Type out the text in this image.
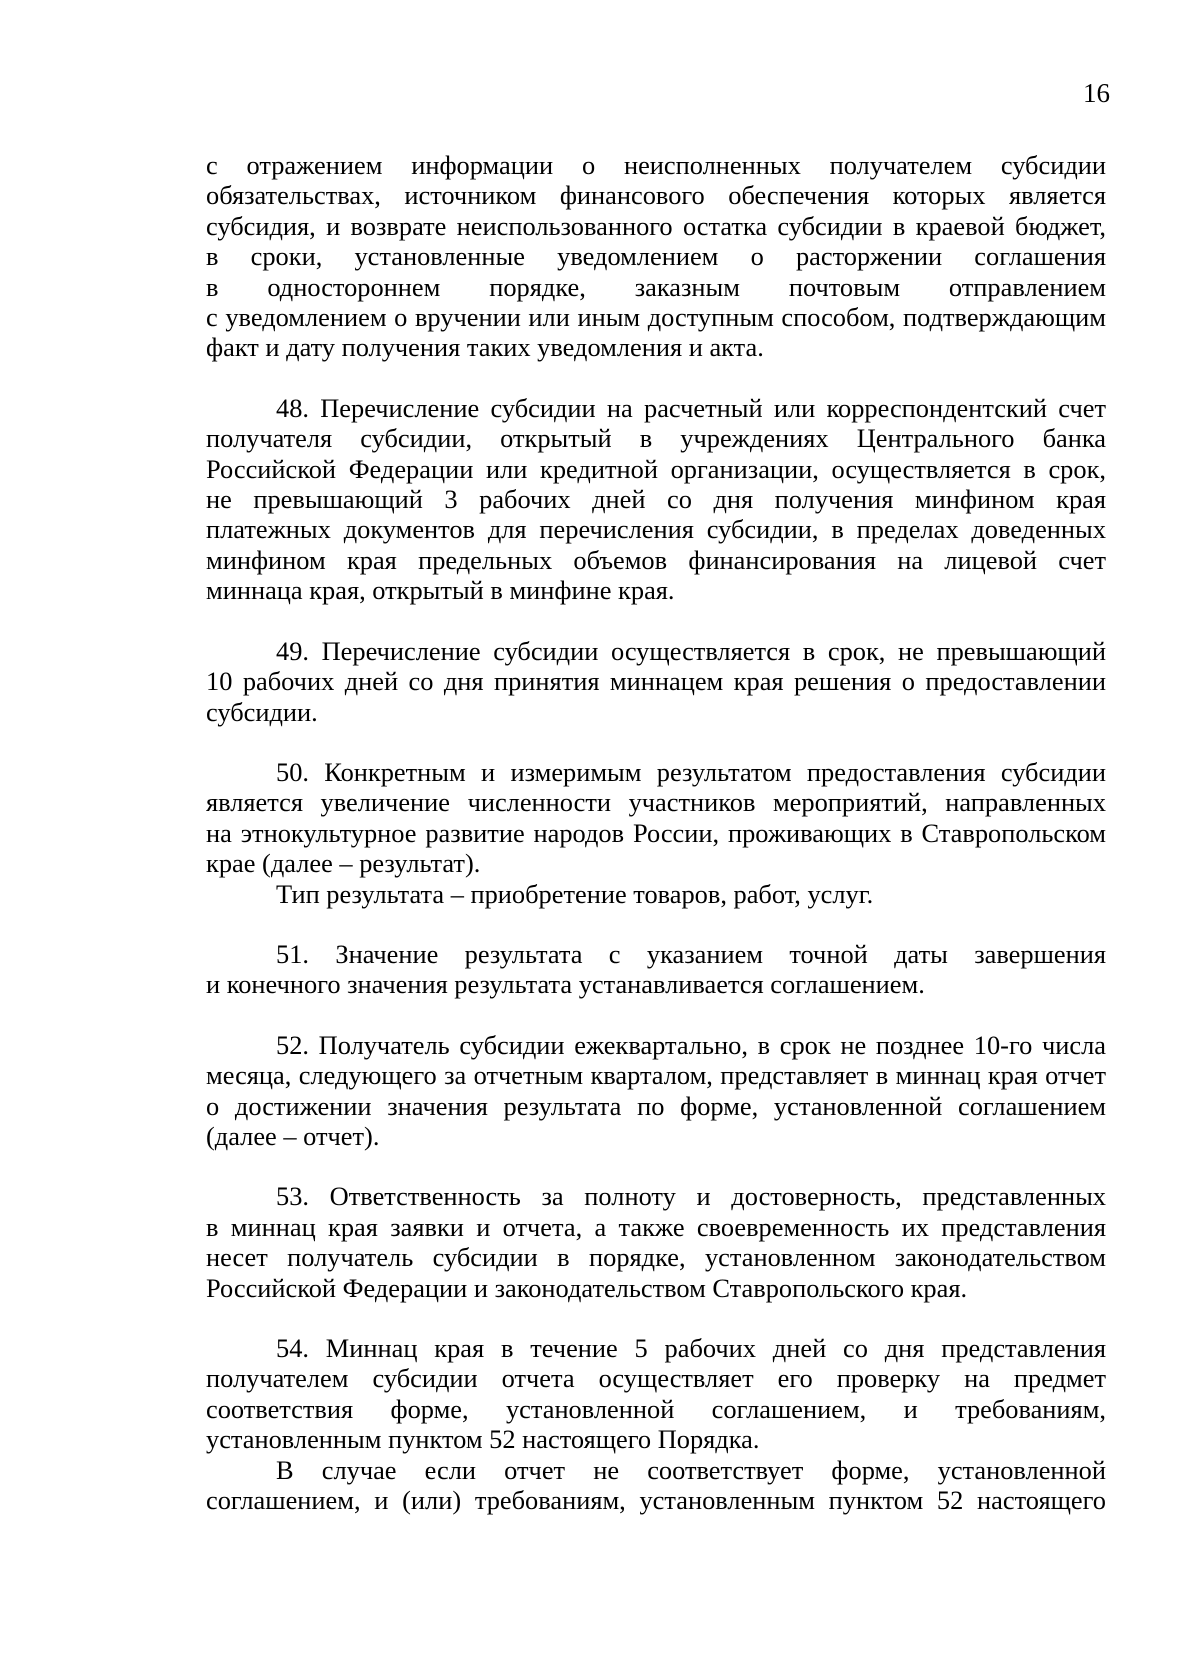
16

с отражением информации о неисполненных получателем субсидии
обязательствах, источником финансового обеспечения которых является
субсидия, и возврате неиспользованного остатка субсидии в краевой бюджет,
в сроки, установленные уведомлением о расторжении соглашения
в одностороннем порядке, заказным почтовым отправлением
с уведомлением о вручении или иным доступным способом, подтверждающим
факт и дату получения таких уведомления и акта.

48. Перечисление субсидии на расчетный или корреспондентский счет
получателя субсидии, открытый в учреждениях Центрального банка
Российской Федерации или кредитной организации, осуществляется в срок,
не превышающий 3 рабочих дней со дня получения минфином края
платежных документов для перечисления субсидии, в пределах доведенных
минфином края предельных объемов финансирования на лицевой счет
миннаца края, открытый в минфине края.

49. Перечисление субсидии осуществляется в срок, не превышающий
10 рабочих дней со дня принятия миннацем края решения о предоставлении
субсидии.

50. Конкретным и измеримым результатом предоставления субсидии
является увеличение численности участников мероприятий, направленных
на этнокультурное развитие народов России, проживающих в Ставропольском
крае (далее – результат).

Тип результата – приобретение товаров, работ, услуг.

51. Значение результата с указанием точной даты завершения
и конечного значения результата устанавливается соглашением.

52. Получатель субсидии ежеквартально, в срок не позднее 10-го числа
месяца, следующего за отчетным кварталом, представляет в миннац края отчет
о достижении значения результата по форме, установленной соглашением
(далее – отчет).

53. Ответственность за полноту и достоверность, представленных
в миннац края заявки и отчета, а также своевременность их представления
несет получатель субсидии в порядке, установленном законодательством
Российской Федерации и законодательством Ставропольского края.

54. Миннац края в течение 5 рабочих дней со дня представления
получателем субсидии отчета осуществляет его проверку на предмет
соответствия форме, установленной соглашением, и требованиям,
установленным пунктом 52 настоящего Порядка.

В случае если отчет не соответствует форме, установленной
соглашением, и (или) требованиям, установленным пунктом 52 настоящего
